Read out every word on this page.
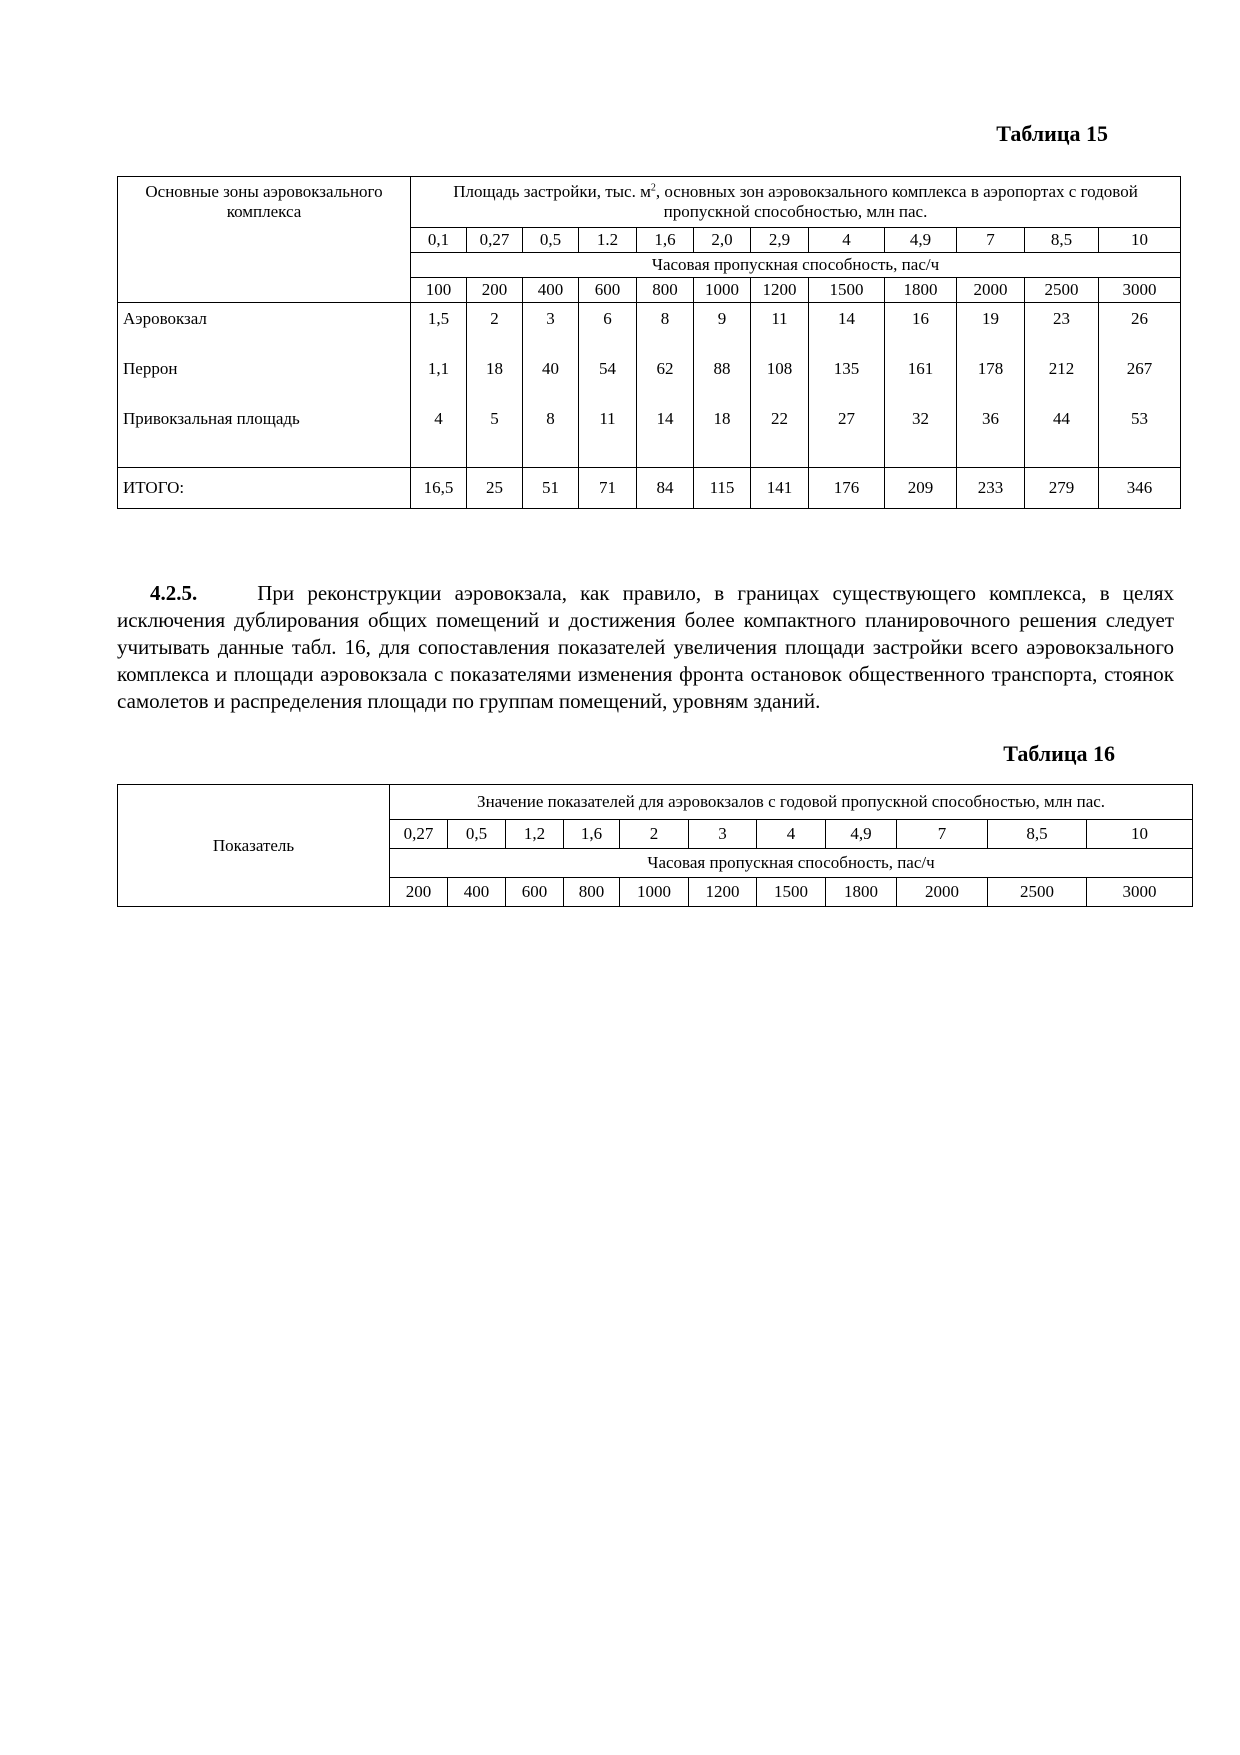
Таблица 15
Основные зоны аэровокзального комплекса	Площадь застройки, тыс. $м^2$, основных зон аэровокзального комплекса в аэропортах с годовой пропускной способностью, млн пас.											
	0,1	0,27	0,5	1.2	1,6	2,0	2,9	4	4,9	7	8,5	10
	Часовая пропускная способность, пас/ч											
	100	200	400	600	800	1000	1200	1500	1800	2000	2500	3000
Аэровокзал	1,5	2	3	6	8	9	11	14	16	19	23	26
Перрон	1,1	18	40	54	62	88	108	135	161	178	212	267
Привокзальная площадь	4	5	8	11	14	18	22	27	32	36	44	53
ИТОГО:	16,5	25	51	71	84	115	141	176	209	233	279	346
4.2.5.	При реконструкции аэровокзала, как правило, в границах существующего комплекса, в целях исключения дублирования общих помещений и достижения более компактного планировочного решения следует учитывать данные табл. 16, для сопоставления показателей увеличения площади застройки всего аэровокзального комплекса и площади аэровокзала с показателями изменения фронта остановок общественного транспорта, стоянок самолетов и распределения площади по группам помещений, уровням зданий.
Таблица 16
Показатель	Значение показателей для аэровокзалов с годовой пропускной способностью, млн пас.										
	0,27	0,5	1,2	1,6	2	3	4	4,9	7	8,5	10
	Часовая пропускная способность, пас/ч										
	200	400	600	800	1000	1200	1500	1800	2000	2500	3000
